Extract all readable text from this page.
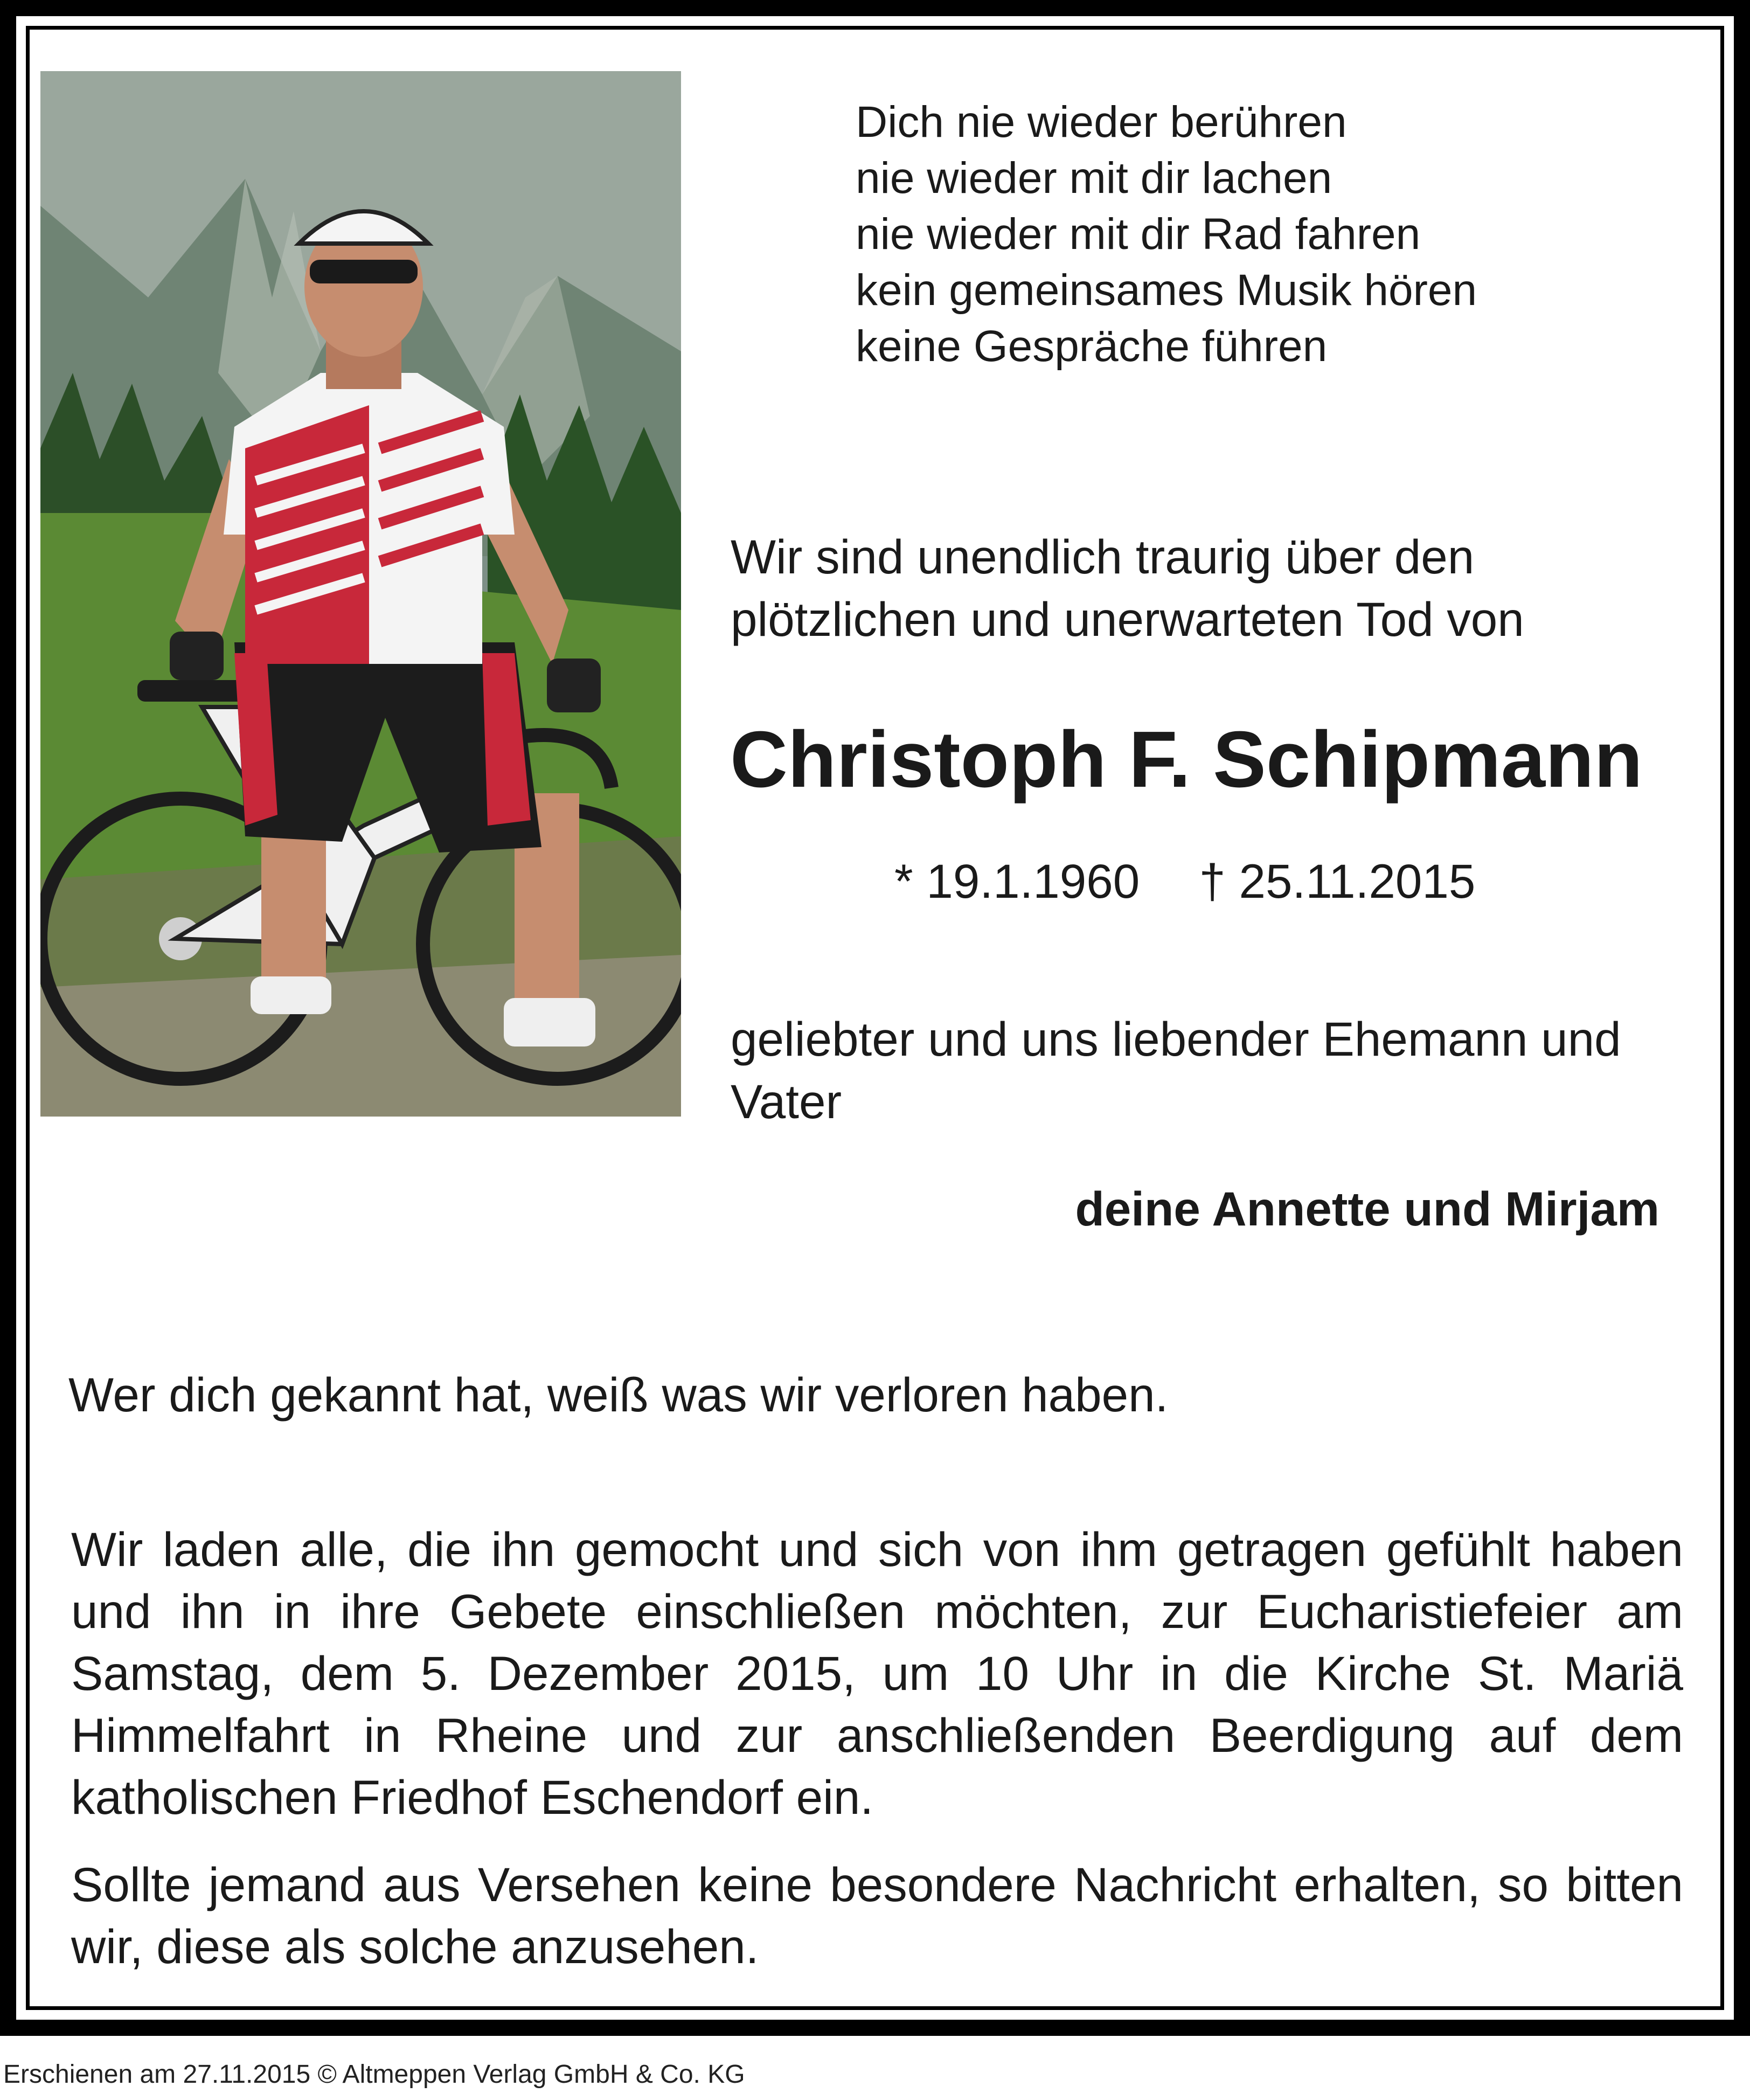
Dich nie wieder berühren
nie wieder mit dir lachen
nie wieder mit dir Rad fahren
kein gemeinsames Musik hören
keine Gespräche führen
Wir sind unendlich traurig über den
plötzlichen und unerwarteten Tod von
Christoph F. Schipmann
* 19.1.1960 † 25.11.2015
geliebter und uns liebender Ehemann und
Vater
deine Annette und Mirjam
Wer dich gekannt hat, weiß was wir verloren haben.
Wir laden alle, die ihn gemocht und sich von ihm getragen gefühlt haben und ihn in ihre Gebete einschließen möchten, zur Eucharistiefeier am Samstag, dem 5. Dezember 2015, um 10 Uhr in die Kirche St. Mariä Himmelfahrt in Rheine und zur anschließenden Beerdigung auf dem katholischen Friedhof Eschendorf ein.
Sollte jemand aus Versehen keine besondere Nachricht erhalten, so bitten wir, diese als solche anzusehen.
Erschienen am 27.11.2015 © Altmeppen Verlag GmbH & Co. KG
